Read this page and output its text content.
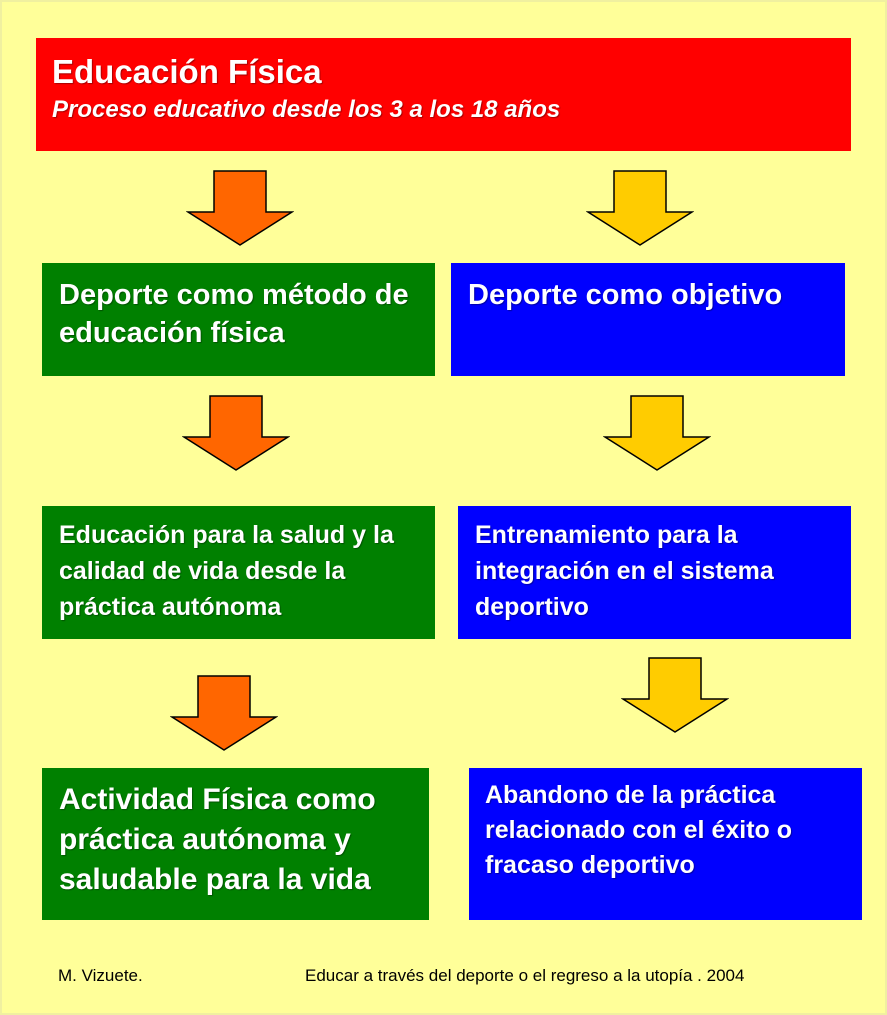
Educación Física
Proceso educativo desde los 3 a los 18 años
Deporte como método de educación física
Deporte como objetivo
Educación para la salud y la calidad de vida desde la práctica autónoma
Entrenamiento para la integración en el sistema deportivo
Actividad Física como práctica autónoma y saludable para la vida
Abandono de la práctica relacionado con el éxito o fracaso deportivo
M. Vizuete.	Educar a través del deporte o el regreso a la utopía . 2004
